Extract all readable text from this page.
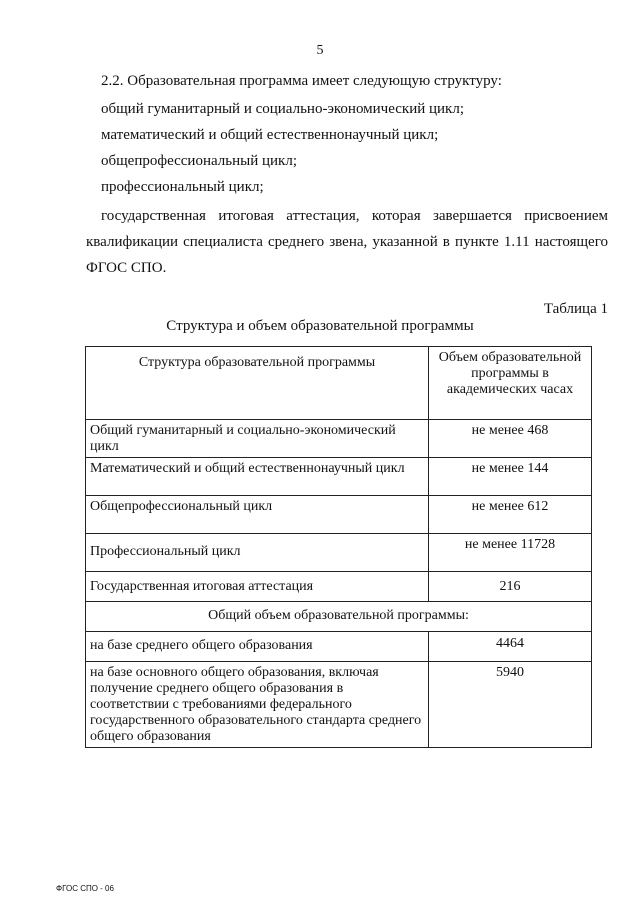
5
2.2. Образовательная программа имеет следующую структуру:
общий гуманитарный и социально-экономический цикл;
математический и общий естественнонаучный цикл;
общепрофессиональный цикл;
профессиональный цикл;
государственная итоговая аттестация, которая завершается присвоением
квалификации специалиста среднего звена, указанной в пункте 1.11 настоящего
ФГОС СПО.
Таблица 1
Структура и объем образовательной программы
Структура образовательной программы	Объем образовательной программы в академических часах
Общий гуманитарный и социально-экономический цикл	не менее 468
Математический и общий естественнонаучный цикл	не менее 144
Общепрофессиональный цикл	не менее 612
Профессиональный цикл	не менее 11728
Государственная итоговая аттестация	216
Общий объем образовательной программы:	
на базе среднего общего образования	4464
на базе основного общего образования, включая получение среднего общего образования в соответствии с требованиями федерального государственного образовательного стандарта среднего общего образования	5940
ФГОС СПО - 06
